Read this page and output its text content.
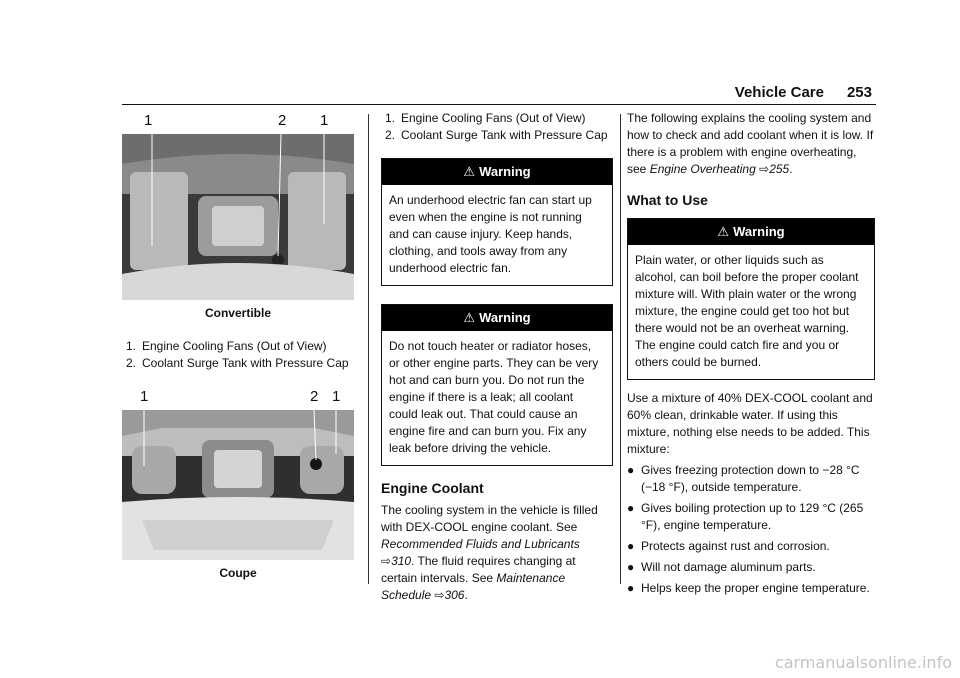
Vehicle Care 253
1	2 1

Convertible

1. Engine Cooling Fans (Out of View)
2. Coolant Surge Tank with Pressure Cap
1	2 1

Coupe

1. Engine Cooling Fans (Out of View)
2. Coolant Surge Tank with Pressure Cap
⚠ Warning
An underhood electric fan can start up even when the engine is not running and can cause injury. Keep hands, clothing, and tools away from any underhood electric fan.
⚠ Warning
Do not touch heater or radiator hoses, or other engine parts. They can be very hot and can burn you. Do not run the engine if there is a leak; all coolant could leak out. That could cause an engine fire and can burn you. Fix any leak before driving the vehicle.
Engine Coolant

The cooling system in the vehicle is filled with DEX-COOL engine coolant. See Recommended Fluids and Lubricants ⇨310. The fluid requires changing at certain intervals. See Maintenance Schedule ⇨306.

The following explains the cooling system and how to check and add coolant when it is low. If there is a problem with engine overheating, see Engine Overheating ⇨255.

What to Use
⚠ Warning
Plain water, or other liquids such as alcohol, can boil before the proper coolant mixture will. With plain water or the wrong mixture, the engine could get too hot but there would not be an overheat warning. The engine could catch fire and you or others could be burned.

Use a mixture of 40% DEX-COOL coolant and 60% clean, drinkable water. If using this mixture, nothing else needs to be added. This mixture:

● Gives freezing protection down to −28 °C (−18 °F), outside temperature.
● Gives boiling protection up to 129 °C (265 °F), engine temperature.
● Protects against rust and corrosion.
● Will not damage aluminum parts.
● Helps keep the proper engine temperature.
carmanualsonline.info
